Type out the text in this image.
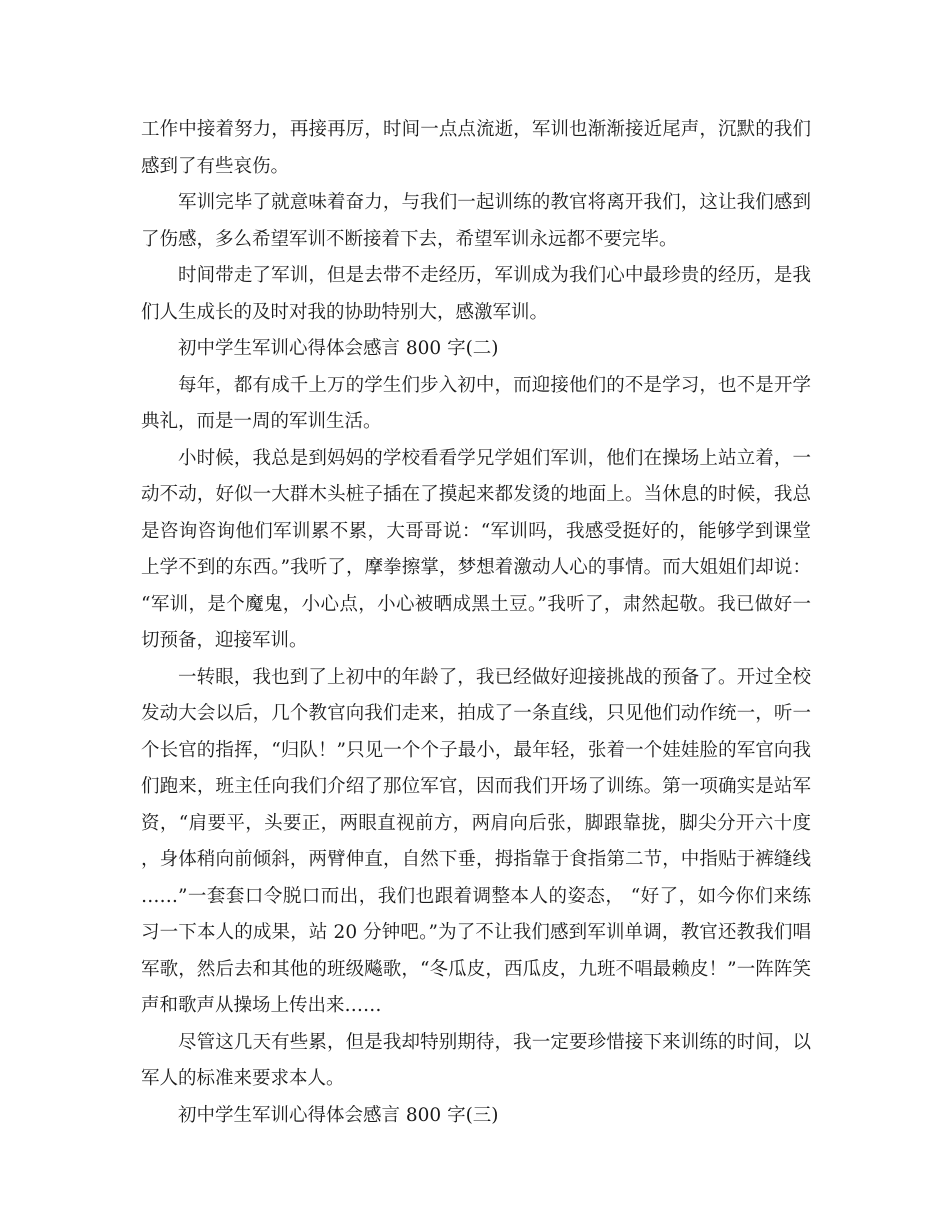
工作中接着努力，再接再厉，时间一点点流逝，军训也渐渐接近尾声，沉默的我们感到了有些哀伤。

军训完毕了就意味着奋力，与我们一起训练的教官将离开我们，这让我们感到了伤感，多么希望军训不断接着下去，希望军训永远都不要完毕。

时间带走了军训，但是去带不走经历，军训成为我们心中最珍贵的经历，是我们人生成长的及时对我的协助特别大，感激军训。

初中学生军训心得体会感言 800 字(二)

每年，都有成千上万的学生们步入初中，而迎接他们的不是学习，也不是开学典礼，而是一周的军训生活。

小时候，我总是到妈妈的学校看看学兄学姐们军训，他们在操场上站立着，一动不动，好似一大群木头桩子插在了摸起来都发烫的地面上。当休息的时候，我总是咨询咨询他们军训累不累，大哥哥说：“军训吗，我感受挺好的，能够学到课堂上学不到的东西。”我听了，摩拳擦掌，梦想着激动人心的事情。而大姐姐们却说：“军训，是个魔鬼，小心点，小心被晒成黑土豆。”我听了，肃然起敬。我已做好一切预备，迎接军训。

一转眼，我也到了上初中的年龄了，我已经做好迎接挑战的预备了。开过全校发动大会以后，几个教官向我们走来，拍成了一条直线，只见他们动作统一，听一个长官的指挥，“归队！”只见一个个子最小，最年轻，张着一个娃娃脸的军官向我们跑来，班主任向我们介绍了那位军官，因而我们开场了训练。第一项确实是站军资，“肩要平，头要正，两眼直视前方，两肩向后张，脚跟靠拢，脚尖分开六十度，身体稍向前倾斜，两臂伸直，自然下垂，拇指靠于食指第二节，中指贴于裤缝线……”一套套口令脱口而出，我们也跟着调整本人的姿态， “好了，如今你们来练习一下本人的成果，站 20 分钟吧。”为了不让我们感到军训单调，教官还教我们唱军歌，然后去和其他的班级飚歌，“冬瓜皮，西瓜皮，九班不唱最赖皮！”一阵阵笑声和歌声从操场上传出来……

尽管这几天有些累，但是我却特别期待，我一定要珍惜接下来训练的时间，以军人的标准来要求本人。

初中学生军训心得体会感言 800 字(三)
